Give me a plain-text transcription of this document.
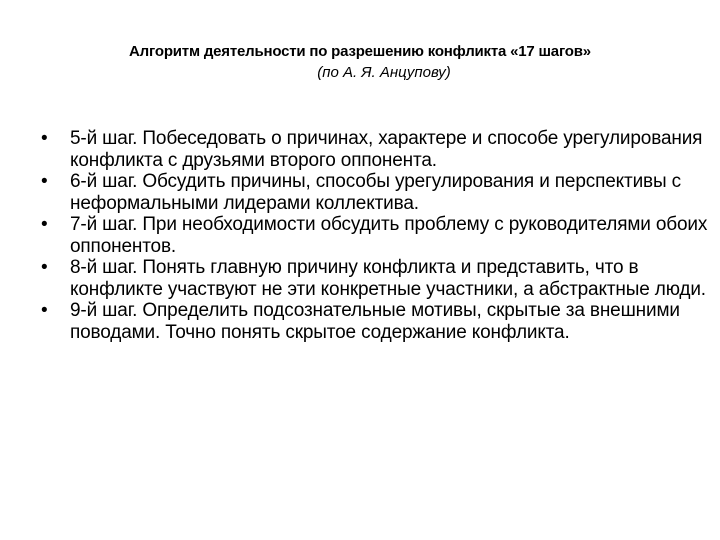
Алгоритм деятельности по разрешению конфликта «17 шагов»
(по А. Я. Анцупову)
• 5-й шаг. Побеседовать о причинах, характере и способе урегулирования конфликта с друзьями второго оппонента.
• 6-й шаг. Обсудить причины, способы урегулирования и перспективы с неформальными лидерами коллектива.
• 7-й шаг. При необходимости обсудить проблему с руководителями обоих оппонентов.
• 8-й шаг. Понять главную причину конфликта и представить, что в конфликте участвуют не эти конкретные участники, а абстрактные люди.
• 9-й шаг. Определить подсознательные мотивы, скрытые за внешними поводами. Точно понять скрытое содержание конфликта.
